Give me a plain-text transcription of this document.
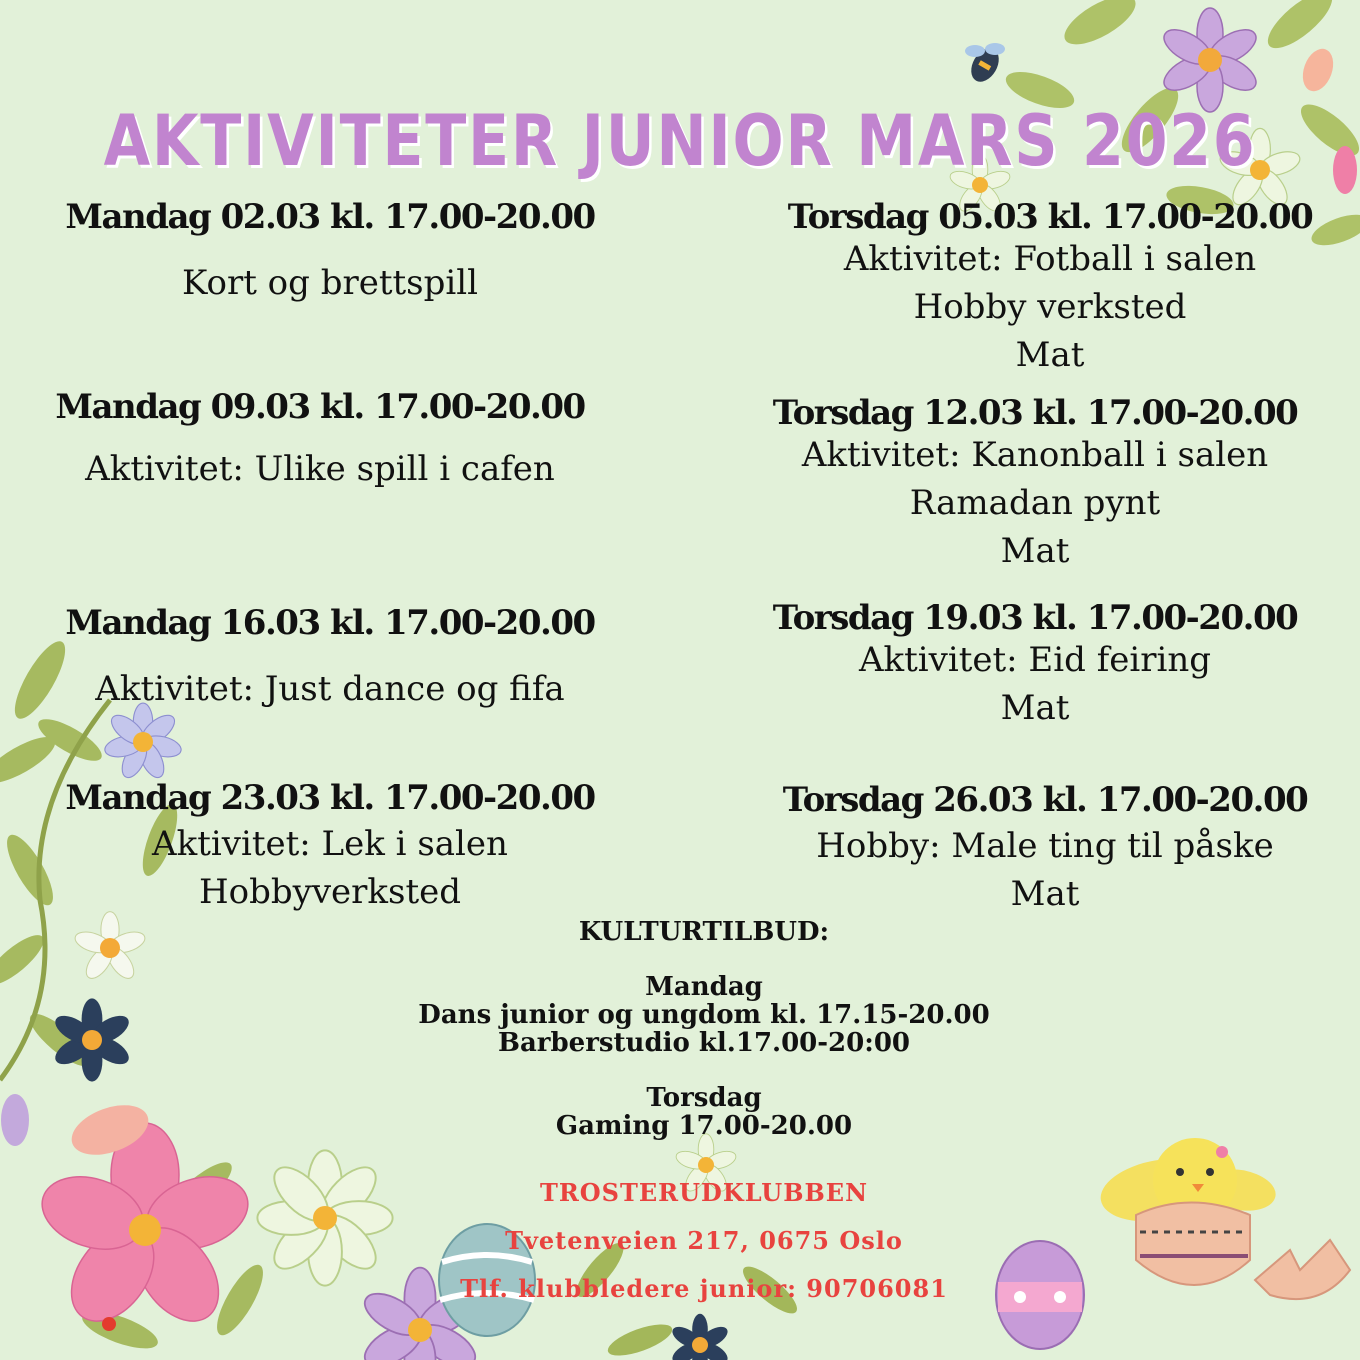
AKTIVITETER JUNIOR MARS 2026
Mandag 02.03 kl. 17.00-20.00
Kort og brettspill
Mandag 09.03 kl. 17.00-20.00
Aktivitet: Ulike spill i cafen
Mandag 16.03 kl. 17.00-20.00
Aktivitet: Just dance og fifa
Mandag 23.03 kl. 17.00-20.00
Aktivitet: Lek i salen
Hobbyverksted
Torsdag 05.03 kl. 17.00-20.00
Aktivitet: Fotball i salen
Hobby verksted
Mat
Torsdag 12.03 kl. 17.00-20.00
Aktivitet: Kanonball i salen
Ramadan pynt
Mat
Torsdag 19.03 kl. 17.00-20.00
Aktivitet: Eid feiring
Mat
Torsdag 26.03 kl. 17.00-20.00
Hobby: Male ting til påske
Mat
KULTURTILBUD:
Mandag
Dans junior og ungdom kl. 17.15-20.00
Barberstudio kl.17.00-20:00
Torsdag
Gaming 17.00-20.00
TROSTERUDKLUBBEN
Tvetenveien 217, 0675 Oslo
Tlf. klubbledere junior: 90706081
